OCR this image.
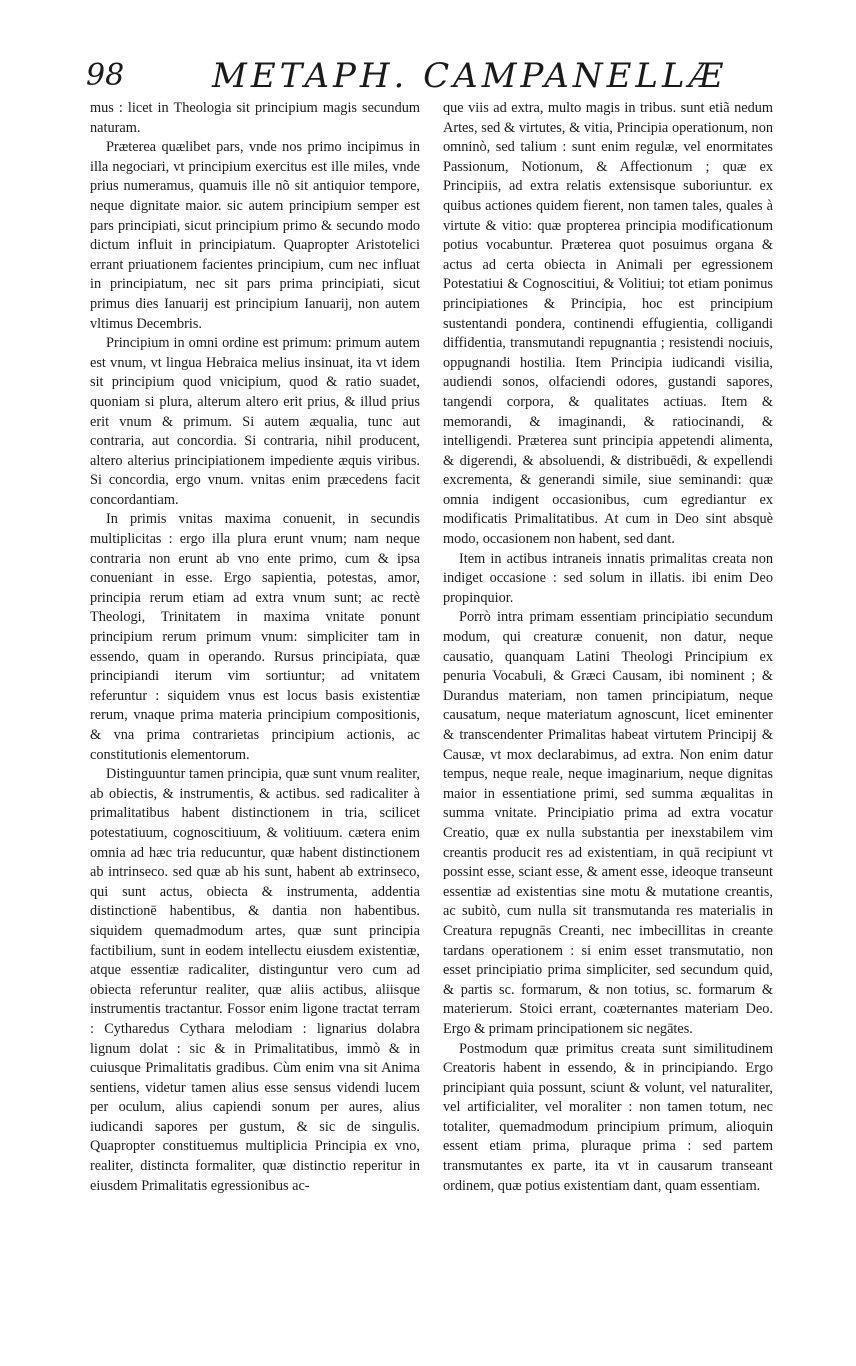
98	METAPH. CAMPANELLÆ

mus : licet in Theologia sit principium magis secundum naturam.

Præterea quælibet pars, vnde nos primo incipimus in illa negociari, vt principium exercitus est ille miles, vnde prius numeramus, quamuis ille nõ sit antiquior tempore, neque dignitate maior. sic autem principium semper est pars principiati, sicut principium primo & secundo modo dictum influit in principiatum. Quapropter Aristotelici errant priuationem facientes principium, cum nec influat in principiatum, nec sit pars prima principiati, sicut primus dies Ianuarij est principium Ianuarij, non autem vltimus Decembris.

Principium in omni ordine est primum: primum autem est vnum, vt lingua Hebraica melius insinuat, ita vt idem sit principium quod vnicipium, quod & ratio suadet, quoniam si plura, alterum altero erit prius, & illud prius erit vnum & primum. Si autem æqualia, tunc aut contraria, aut concordia. Si contraria, nihil producent, altero alterius principiationem impediente æquis viribus. Si concordia, ergo vnum. vnitas enim præcedens facit concordantiam.

In primis vnitas maxima conuenit, in secundis multiplicitas : ergo illa plura erunt vnum; nam neque contraria non erunt ab vno ente primo, cum & ipsa conueniant in esse. Ergo sapientia, potestas, amor, principia rerum etiam ad extra vnum sunt; ac rectè Theologi, Trinitatem in maxima vnitate ponunt principium rerum primum vnum: simpliciter tam in essendo, quam in operando. Rursus principiata, quæ principiandi iterum vim sortiuntur; ad vnitatem referuntur : siquidem vnus est locus basis existentiæ rerum, vnaque prima materia principium compositionis, & vna prima contrarietas principium actionis, ac constitutionis elementorum.

Distinguuntur tamen principia, quæ sunt vnum realiter, ab obiectis, & instrumentis, & actibus. sed radicaliter à primalitatibus habent distinctionem in tria, scilicet potestatiuum, cognoscitiuum, & volitiuum. cætera enim omnia ad hæc tria reducuntur, quæ habent distinctionem ab intrinseco. sed quæ ab his sunt, habent ab extrinseco, qui sunt actus, obiecta & instrumenta, addentia distinctionē habentibus, & dantia non habentibus. siquidem quemadmodum artes, quæ sunt principia factibilium, sunt in eodem intellectu eiusdem existentiæ, atque essentiæ radicaliter, distinguntur vero cum ad obiecta referuntur realiter, quæ aliis actibus, aliisque instrumentis tractantur. Fossor enim ligone tractat terram : Cytharedus Cythara melodiam : lignarius dolabra lignum dolat : sic & in Primalitatibus, immò & in cuiusque Primalitatis gradibus. Cùm enim vna sit Anima sentiens, videtur tamen alius esse sensus videndi lucem per oculum, alius capiendi sonum per aures, alius iudicandi sapores per gustum, & sic de singulis. Quapropter constituemus multiplicia Principia ex vno, realiter, distincta formaliter, quæ distinctio reperitur in eiusdem Primalitatis egressionibus ac-

que viis ad extra, multo magis in tribus. sunt etiã nedum Artes, sed & virtutes, & vitia, Principia operationum, non omninò, sed talium : sunt enim regulæ, vel enormitates Passionum, Notionum, & Affectionum ; quæ ex Principiis, ad extra relatis extensisque suboriuntur. ex quibus actiones quidem fierent, non tamen tales, quales à virtute & vitio: quæ propterea principia modificationum potius vocabuntur. Præterea quot posuimus organa & actus ad certa obiecta in Animali per egressionem Potestatiui & Cognoscitiui, & Volitiui; tot etiam ponimus principiationes & Principia, hoc est principium sustentandi pondera, continendi effugientia, colligandi diffidentia, transmutandi repugnantia ; resistendi nociuis, oppugnandi hostilia. Item Principia iudicandi visilia, audiendi sonos, olfaciendi odores, gustandi sapores, tangendi corpora, & qualitates actiuas. Item & memorandi, & imaginandi, & ratiocinandi, & intelligendi. Præterea sunt principia appetendi alimenta, & digerendi, & absoluendi, & distribuēdi, & expellendi excrementa, & generandi simile, siue seminandi: quæ omnia indigent occasionibus, cum egrediantur ex modificatis Primalitatibus. At cum in Deo sint absquè modo, occasionem non habent, sed dant.

Item in actibus intraneis innatis primalitas creata non indiget occasione : sed solum in illatis. ibi enim Deo propinquior.

Porrò intra primam essentiam principiatio secundum modum, qui creaturæ conuenit, non datur, neque causatio, quanquam Latini Theologi Principium ex penuria Vocabuli, & Græci Causam, ibi nominent ; & Durandus materiam, non tamen principiatum, neque causatum, neque materiatum agnoscunt, licet eminenter & transcendenter Primalitas habeat virtutem Principij & Causæ, vt mox declarabimus, ad extra. Non enim datur tempus, neque reale, neque imaginarium, neque dignitas maior in essentiatione primi, sed summa æqualitas in summa vnitate. Principiatio prima ad extra vocatur Creatio, quæ ex nulla substantia per inexstabilem vim creantis producit res ad existentiam, in quā recipiunt vt possint esse, sciant esse, & ament esse, ideoque transeunt essentiæ ad existentias sine motu & mutatione creantis, ac subitò, cum nulla sit transmutanda res materialis in Creatura repugnās Creanti, nec imbecillitas in creante tardans operationem : si enim esset transmutatio, non esset principiatio prima simpliciter, sed secundum quid, & partis sc. formarum, & non totius, sc. formarum & materierum. Stoici errant, coæternantes materiam Deo. Ergo & primam principationem sic negātes.

Postmodum quæ primitus creata sunt similitudinem Creatoris habent in essendo, & in principiando. Ergo principiant quia possunt, sciunt & volunt, vel naturaliter, vel artificialiter, vel moraliter : non tamen totum, nec totaliter, quemadmodum principium primum, alioquin essent etiam prima, pluraque prima : sed partem transmutantes ex parte, ita vt in causarum transeant ordinem, quæ potius existentiam dant, quam essentiam.
